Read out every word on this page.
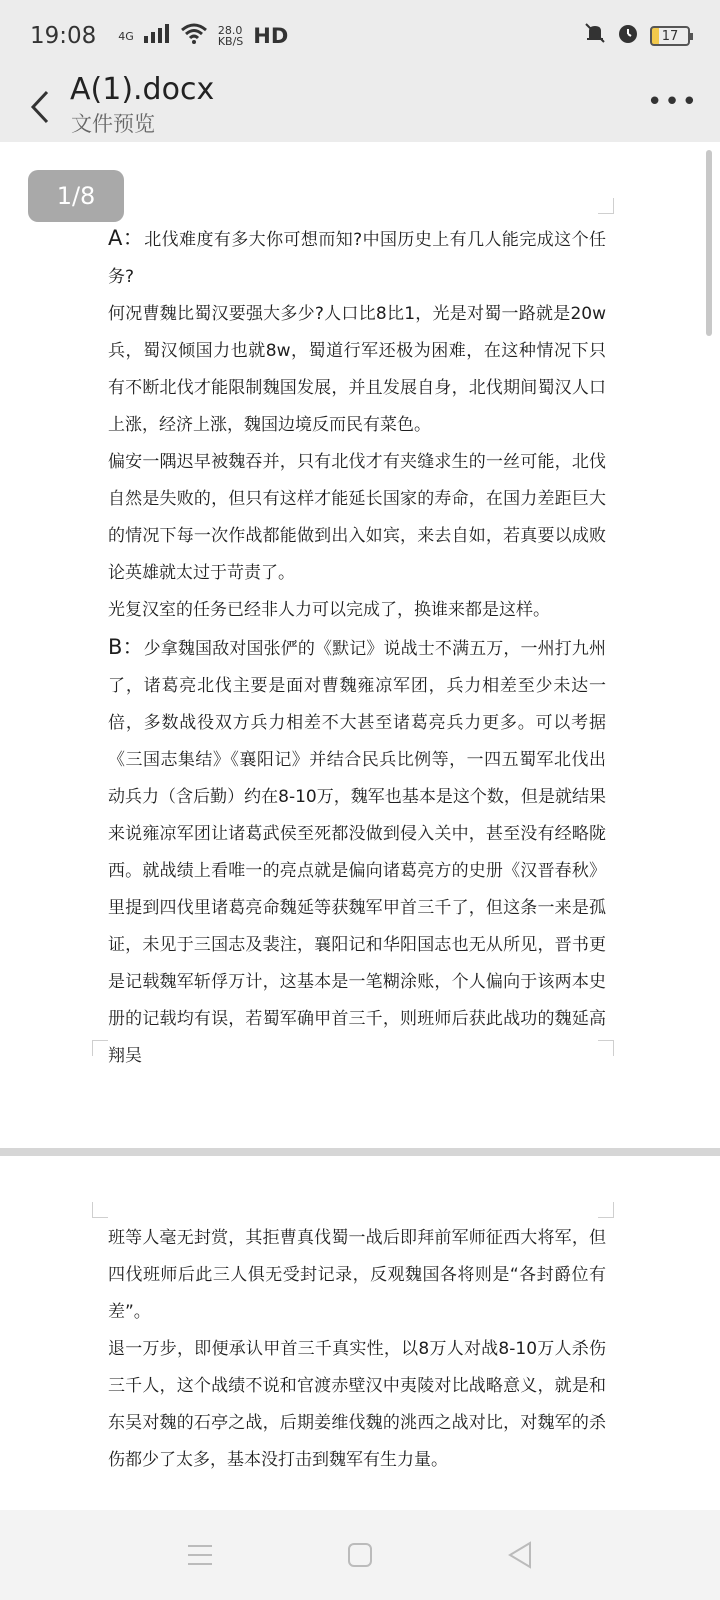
19:08 4G	28.0
KB/S HD	17
A(1).docx
文件预览
•••
1/8

A：北伐难度有多大你可想而知?中国历史上有几人能完成这个任务?

何况曹魏比蜀汉要强大多少?人口比8比1，光是对蜀一路就是20w兵，蜀汉倾国力也就8w，蜀道行军还极为困难，在这种情况下只有不断北伐才能限制魏国发展，并且发展自身，北伐期间蜀汉人口上涨，经济上涨，魏国边境反而民有菜色。

偏安一隅迟早被魏吞并，只有北伐才有夹缝求生的一丝可能，北伐自然是失败的，但只有这样才能延长国家的寿命，在国力差距巨大的情况下每一次作战都能做到出入如宾，来去自如，若真要以成败论英雄就太过于苛责了。

光复汉室的任务已经非人力可以完成了，换谁来都是这样。

B：少拿魏国敌对国张俨的《默记》说战士不满五万，一州打九州了，诸葛亮北伐主要是面对曹魏雍凉军团，兵力相差至少未达一倍，多数战役双方兵力相差不大甚至诸葛亮兵力更多。可以考据《三国志集结》《襄阳记》并结合民兵比例等，一四五蜀军北伐出动兵力（含后勤）约在8-10万，魏军也基本是这个数，但是就结果来说雍凉军团让诸葛武侯至死都没做到侵入关中，甚至没有经略陇西。就战绩上看唯一的亮点就是偏向诸葛亮方的史册《汉晋春秋》里提到四伐里诸葛亮命魏延等获魏军甲首三千了，但这条一来是孤证，未见于三国志及裴注，襄阳记和华阳国志也无从所见，晋书更是记载魏军斩俘万计，这基本是一笔糊涂账，个人偏向于该两本史册的记载均有误，若蜀军确甲首三千，则班师后获此战功的魏延高翔吴

班等人毫无封赏，其拒曹真伐蜀一战后即拜前军师征西大将军，但四伐班师后此三人俱无受封记录，反观魏国各将则是“各封爵位有差”。

退一万步，即便承认甲首三千真实性，以8万人对战8-10万人杀伤三千人，这个战绩不说和官渡赤壁汉中夷陵对比战略意义，就是和东吴对魏的石亭之战，后期姜维伐魏的洮西之战对比，对魏军的杀伤都少了太多，基本没打击到魏军有生力量。
